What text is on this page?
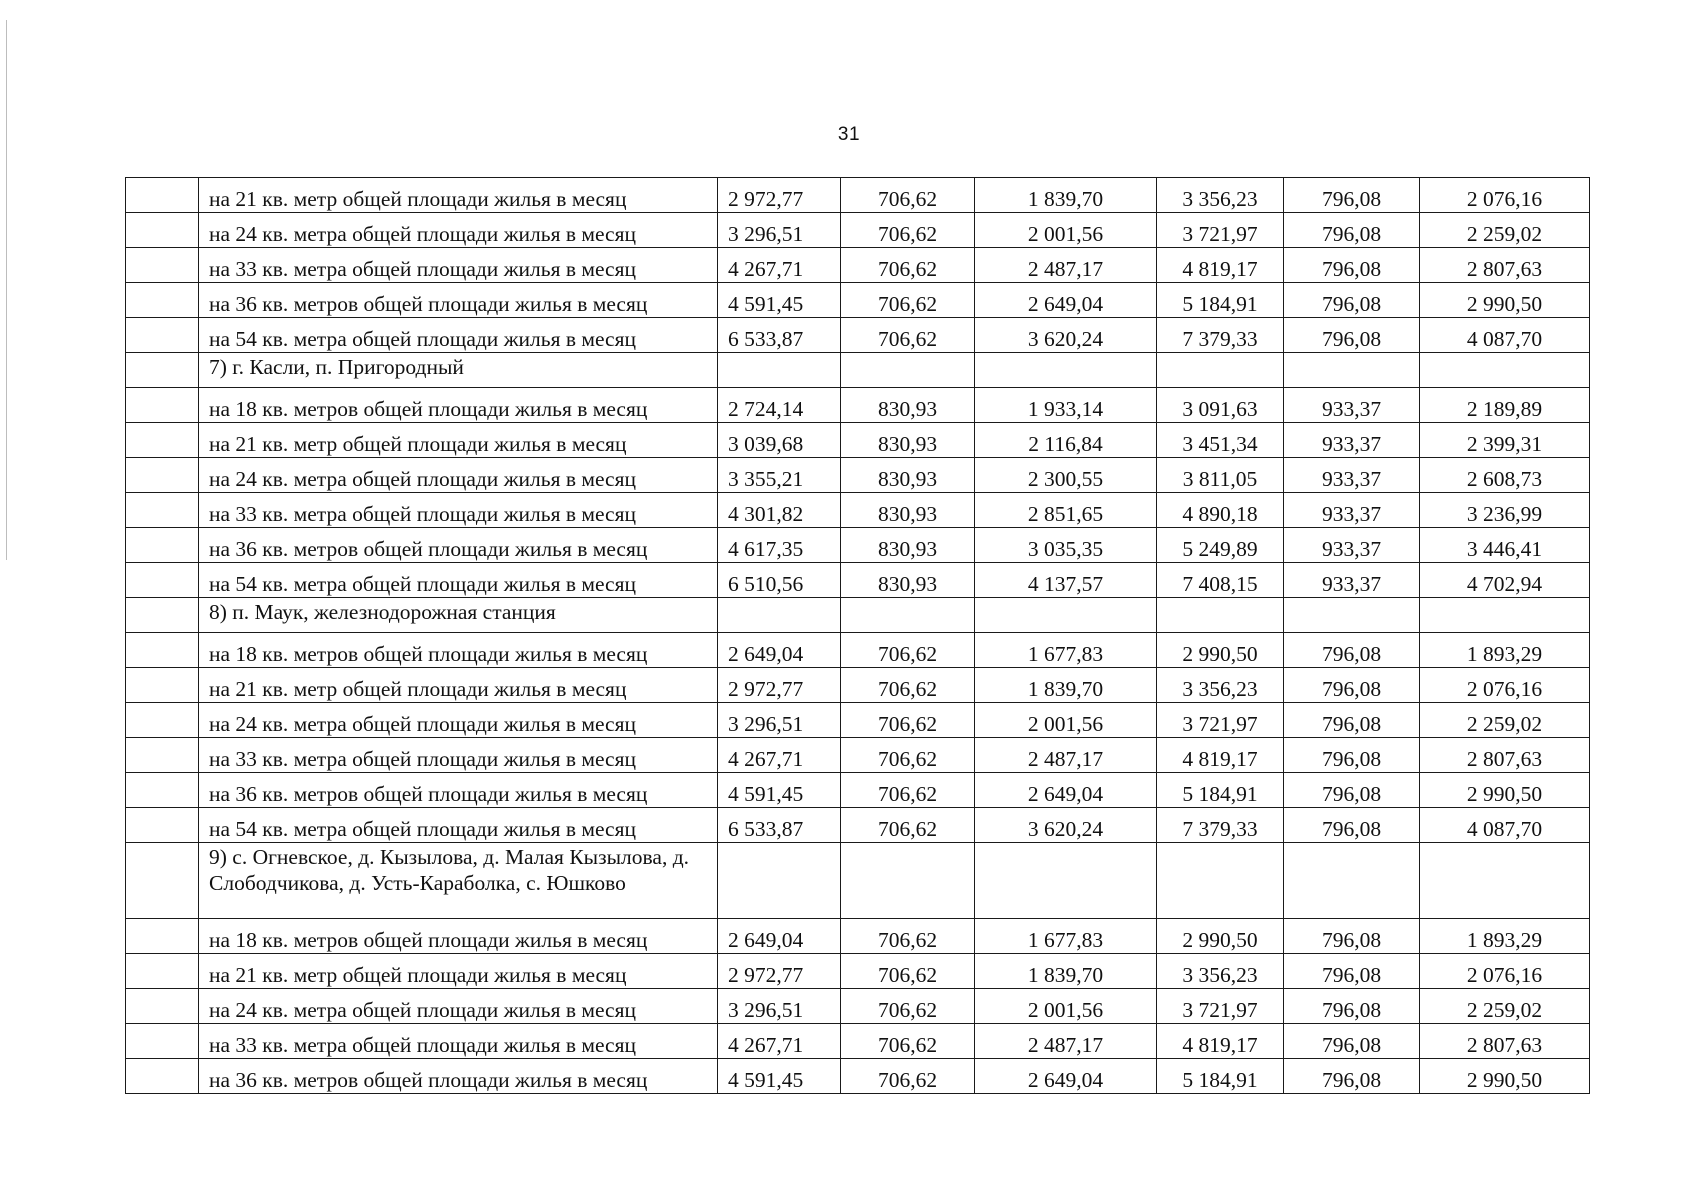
31
	на 21 кв. метр общей площади жилья в месяц	2 972,77	706,62	1 839,70	3 356,23	796,08	2 076,16
	на 24 кв. метра общей площади жилья в месяц	3 296,51	706,62	2 001,56	3 721,97	796,08	2 259,02
	на 33 кв. метра общей площади жилья в месяц	4 267,71	706,62	2 487,17	4 819,17	796,08	2 807,63
	на 36 кв. метров общей площади жилья в месяц	4 591,45	706,62	2 649,04	5 184,91	796,08	2 990,50
	на 54 кв. метра общей площади жилья в месяц	6 533,87	706,62	3 620,24	7 379,33	796,08	4 087,70
	7) г. Касли, п. Пригородный						
	на 18 кв. метров общей площади жилья в месяц	2 724,14	830,93	1 933,14	3 091,63	933,37	2 189,89
	на 21 кв. метр общей площади жилья в месяц	3 039,68	830,93	2 116,84	3 451,34	933,37	2 399,31
	на 24 кв. метра общей площади жилья в месяц	3 355,21	830,93	2 300,55	3 811,05	933,37	2 608,73
	на 33 кв. метра общей площади жилья в месяц	4 301,82	830,93	2 851,65	4 890,18	933,37	3 236,99
	на 36 кв. метров общей площади жилья в месяц	4 617,35	830,93	3 035,35	5 249,89	933,37	3 446,41
	на 54 кв. метра общей площади жилья в месяц	6 510,56	830,93	4 137,57	7 408,15	933,37	4 702,94
	8) п. Маук, железнодорожная станция						
	на 18 кв. метров общей площади жилья в месяц	2 649,04	706,62	1 677,83	2 990,50	796,08	1 893,29
	на 21 кв. метр общей площади жилья в месяц	2 972,77	706,62	1 839,70	3 356,23	796,08	2 076,16
	на 24 кв. метра общей площади жилья в месяц	3 296,51	706,62	2 001,56	3 721,97	796,08	2 259,02
	на 33 кв. метра общей площади жилья в месяц	4 267,71	706,62	2 487,17	4 819,17	796,08	2 807,63
	на 36 кв. метров общей площади жилья в месяц	4 591,45	706,62	2 649,04	5 184,91	796,08	2 990,50
	на 54 кв. метра общей площади жилья в месяц	6 533,87	706,62	3 620,24	7 379,33	796,08	4 087,70
	9) с. Огневское, д. Кызылова, д. Малая Кызылова, д. Слободчикова, д. Усть-Караболка, с. Юшково						
	на 18 кв. метров общей площади жилья в месяц	2 649,04	706,62	1 677,83	2 990,50	796,08	1 893,29
	на 21 кв. метр общей площади жилья в месяц	2 972,77	706,62	1 839,70	3 356,23	796,08	2 076,16
	на 24 кв. метра общей площади жилья в месяц	3 296,51	706,62	2 001,56	3 721,97	796,08	2 259,02
	на 33 кв. метра общей площади жилья в месяц	4 267,71	706,62	2 487,17	4 819,17	796,08	2 807,63
	на 36 кв. метров общей площади жилья в месяц	4 591,45	706,62	2 649,04	5 184,91	796,08	2 990,50
